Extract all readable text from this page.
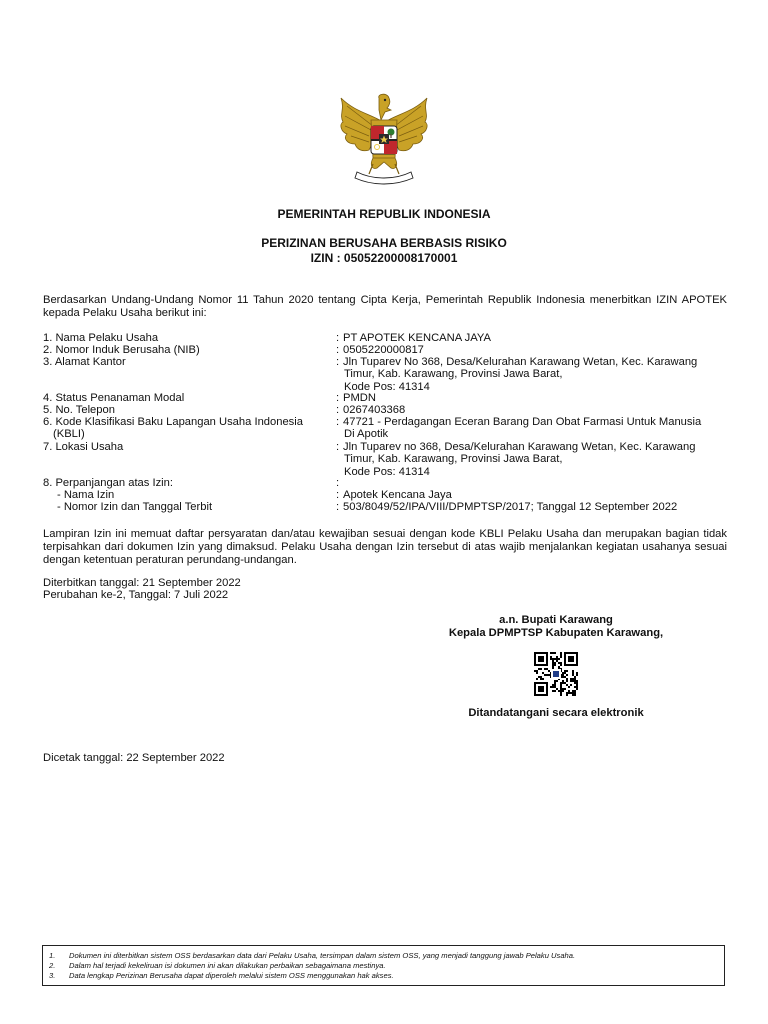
PEMERINTAH REPUBLIK INDONESIA
PERIZINAN BERUSAHA BERBASIS RISIKO
IZIN : 05052200008170001
Berdasarkan Undang-Undang Nomor 11 Tahun 2020 tentang Cipta Kerja, Pemerintah Republik Indonesia menerbitkan IZIN APOTEK kepada Pelaku Usaha berikut ini:
1. Nama Pelaku Usaha	: PT APOTEK KENCANA JAYA
2. Nomor Induk Berusaha (NIB)	: 0505220000817
3. Alamat Kantor	: Jln Tuparev No 368, Desa/Kelurahan Karawang Wetan, Kec. Karawang
Timur, Kab. Karawang, Provinsi Jawa Barat,
Kode Pos: 41314
4. Status Penanaman Modal	: PMDN
5. No. Telepon	: 0267403368
6. Kode Klasifikasi Baku Lapangan Usaha Indonesia
(KBLI)
: 47721 - Perdagangan Eceran Barang Dan Obat Farmasi Untuk Manusia
Di Apotik
7. Lokasi Usaha	: Jln Tuparev no 368, Desa/Kelurahan Karawang Wetan, Kec. Karawang
Timur, Kab. Karawang, Provinsi Jawa Barat,
Kode Pos: 41314
8. Perpanjangan atas Izin:	:
- Nama Izin	: Apotek Kencana Jaya
- Nomor Izin dan Tanggal Terbit	: 503/8049/52/IPA/VIII/DPMPTSP/2017; Tanggal 12 September 2022
Lampiran Izin ini memuat daftar persyaratan dan/atau kewajiban sesuai dengan kode KBLI Pelaku Usaha dan merupakan bagian tidak terpisahkan dari dokumen Izin yang dimaksud. Pelaku Usaha dengan Izin tersebut di atas wajib menjalankan kegiatan usahanya sesuai dengan ketentuan peraturan perundang-undangan.
Diterbitkan tanggal: 21 September 2022
Perubahan ke-2, Tanggal: 7 Juli 2022
a.n. Bupati Karawang
Kepala DPMPTSP Kabupaten Karawang,
Ditandatangani secara elektronik
Dicetak tanggal: 22 September 2022
1. Dokumen ini diterbitkan sistem OSS berdasarkan data dari Pelaku Usaha, tersimpan dalam sistem OSS, yang menjadi tanggung jawab Pelaku Usaha.
2. Dalam hal terjadi kekeliruan isi dokumen ini akan dilakukan perbaikan sebagaimana mestinya.
3. Data lengkap Perizinan Berusaha dapat diperoleh melalui sistem OSS menggunakan hak akses.
